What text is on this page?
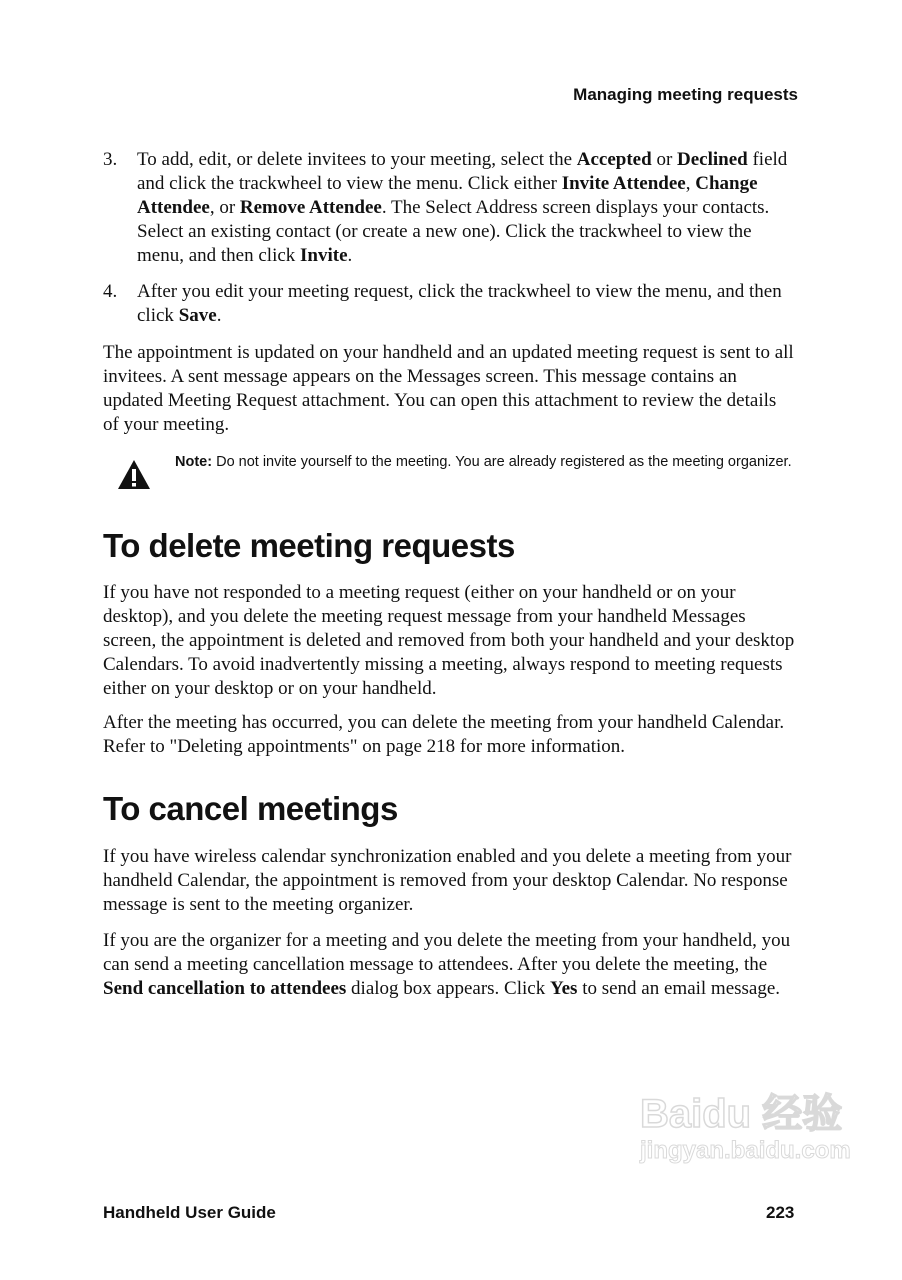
Managing meeting requests
3. To add, edit, or delete invitees to your meeting, select the Accepted or Declined field and click the trackwheel to view the menu. Click either Invite Attendee, Change Attendee, or Remove Attendee. The Select Address screen displays your contacts. Select an existing contact (or create a new one). Click the trackwheel to view the menu, and then click Invite.
4. After you edit your meeting request, click the trackwheel to view the menu, and then click Save.
The appointment is updated on your handheld and an updated meeting request is sent to all invitees. A sent message appears on the Messages screen. This message contains an updated Meeting Request attachment. You can open this attachment to review the details of your meeting.
Note: Do not invite yourself to the meeting. You are already registered as the meeting organizer.
To delete meeting requests
If you have not responded to a meeting request (either on your handheld or on your desktop), and you delete the meeting request message from your handheld Messages screen, the appointment is deleted and removed from both your handheld and your desktop Calendars. To avoid inadvertently missing a meeting, always respond to meeting requests either on your desktop or on your handheld.
After the meeting has occurred, you can delete the meeting from your handheld Calendar. Refer to "Deleting appointments" on page 218 for more information.
To cancel meetings
If you have wireless calendar synchronization enabled and you delete a meeting from your handheld Calendar, the appointment is removed from your desktop Calendar. No response message is sent to the meeting organizer.
If you are the organizer for a meeting and you delete the meeting from your handheld, you can send a meeting cancellation message to attendees. After you delete the meeting, the Send cancellation to attendees dialog box appears. Click Yes to send an email message.
Baidu 经验
jingyan.baidu.com
Handheld User Guide	223
